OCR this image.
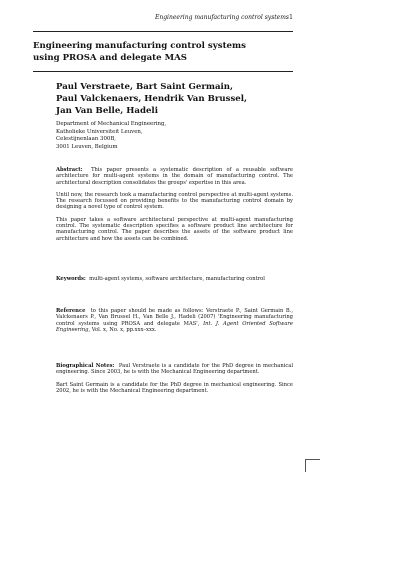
Engineering manufacturing control systems 1
Engineering manufacturing control systems
using PROSA and delegate MAS
Paul Verstraete, Bart Saint Germain,
Paul Valckenaers, Hendrik Van Brussel,
Jan Van Belle, Hadeli
Department of Mechanical Engineering,
Katholieke Universiteit Leuven,
Celestijnenlaan 300B,
3001 Leuven, Belgium

Abstract: This paper presents a systematic description of a reusable software architecture for multi-agent systems in the domain of manufacturing control. The architectural description consolidates the groups' expertise in this area.

Until now, the research took a manufacturing control perspective at multi-agent systems. The research focussed on providing benefits to the manufacturing control domain by designing a novel type of control system.

This paper takes a software architectural perspective at multi-agent manufacturing control. The systematic description specifies a software product line architecture for manufacturing control. The paper describes the assets of the software product line architecture and how the assets can be combined.

Keywords: multi-agent systems, software architecture, manufacturing control

Reference to this paper should be made as follows: Verstraete P., Saint Germain B., Valckenaers P., Van Brussel H., Van Belle J., Hadeli (2007) 'Engineering manufacturing control systems using PROSA and delegate MAS', Int. J. Agent Oriented Software Engineering, Vol. x, No. x, pp.xxx–xxx.

Biographical Notes: Paul Verstraete is a candidate for the PhD degree in mechanical engineering. Since 2003, he is with the Mechanical Engineering department.

Bart Saint Germain is a candidate for the PhD degree in mechanical engineering. Since 2002, he is with the Mechanical Engineering department.
